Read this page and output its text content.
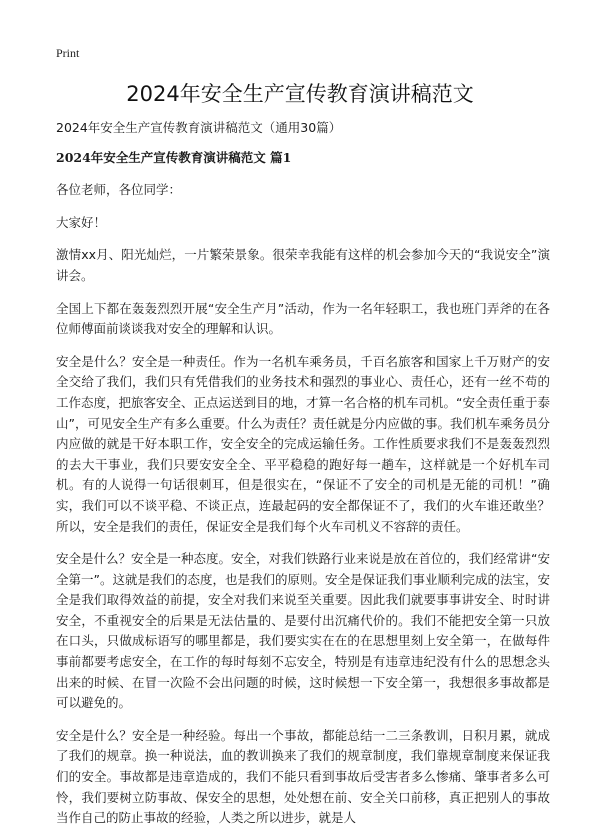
Print
2024年安全生产宣传教育演讲稿范文

2024年安全生产宣传教育演讲稿范文（通用30篇）

2024年安全生产宣传教育演讲稿范文 篇1

各位老师，各位同学：

大家好！

激情xx月、阳光灿烂，一片繁荣景象。很荣幸我能有这样的机会参加今天的“我说安全”演讲会。

全国上下都在轰轰烈烈开展“安全生产月”活动，作为一名年轻职工，我也班门弄斧的在各位师傅面前谈谈我对安全的理解和认识。

安全是什么？安全是一种责任。作为一名机车乘务员，千百名旅客和国家上千万财产的安全交给了我们，我们只有凭借我们的业务技术和强烈的事业心、责任心，还有一丝不苟的工作态度，把旅客安全、正点运送到目的地，才算一名合格的机车司机。“安全责任重于泰山”，可见安全生产有多么重要。什么为责任？责任就是分内应做的事。我们机车乘务员分内应做的就是干好本职工作，安全安全的完成运输任务。工作性质要求我们不是轰轰烈烈的去大干事业，我们只要安安全全、平平稳稳的跑好每一趟车，这样就是一个好机车司机。有的人说得一句话很刺耳，但是很实在，“保证不了安全的司机是无能的司机！”确实，我们可以不谈平稳、不谈正点，连最起码的安全都保证不了，我们的火车谁还敢坐？所以，安全是我们的责任，保证安全是我们每个火车司机义不容辞的责任。

安全是什么？安全是一种态度。安全，对我们铁路行业来说是放在首位的，我们经常讲“安全第一”。这就是我们的态度，也是我们的原则。安全是保证我们事业顺利完成的法宝，安全是我们取得效益的前提，安全对我们来说至关重要。因此我们就要事事讲安全、时时讲安全，不重视安全的后果是无法估量的、是要付出沉痛代价的。我们不能把安全第一只放在口头，只做成标语写的哪里都是，我们要实实在在的在思想里刻上安全第一，在做每件事前都要考虑安全，在工作的每时每刻不忘安全，特别是有违章违纪没有什么的思想念头出来的时候、在冒一次险不会出问题的时候，这时候想一下安全第一，我想很多事故都是可以避免的。

安全是什么？安全是一种经验。每出一个事故，都能总结一二三条教训，日积月累，就成了我们的规章。换一种说法，血的教训换来了我们的规章制度，我们靠规章制度来保证我们的安全。事故都是违章造成的，我们不能只看到事故后受害者多么惨痛、肇事者多么可怜，我们要树立防事故、保安全的思想，处处想在前、安全关口前移，真正把别人的事故当作自己的防止事故的经验，人类之所以进步，就是人
